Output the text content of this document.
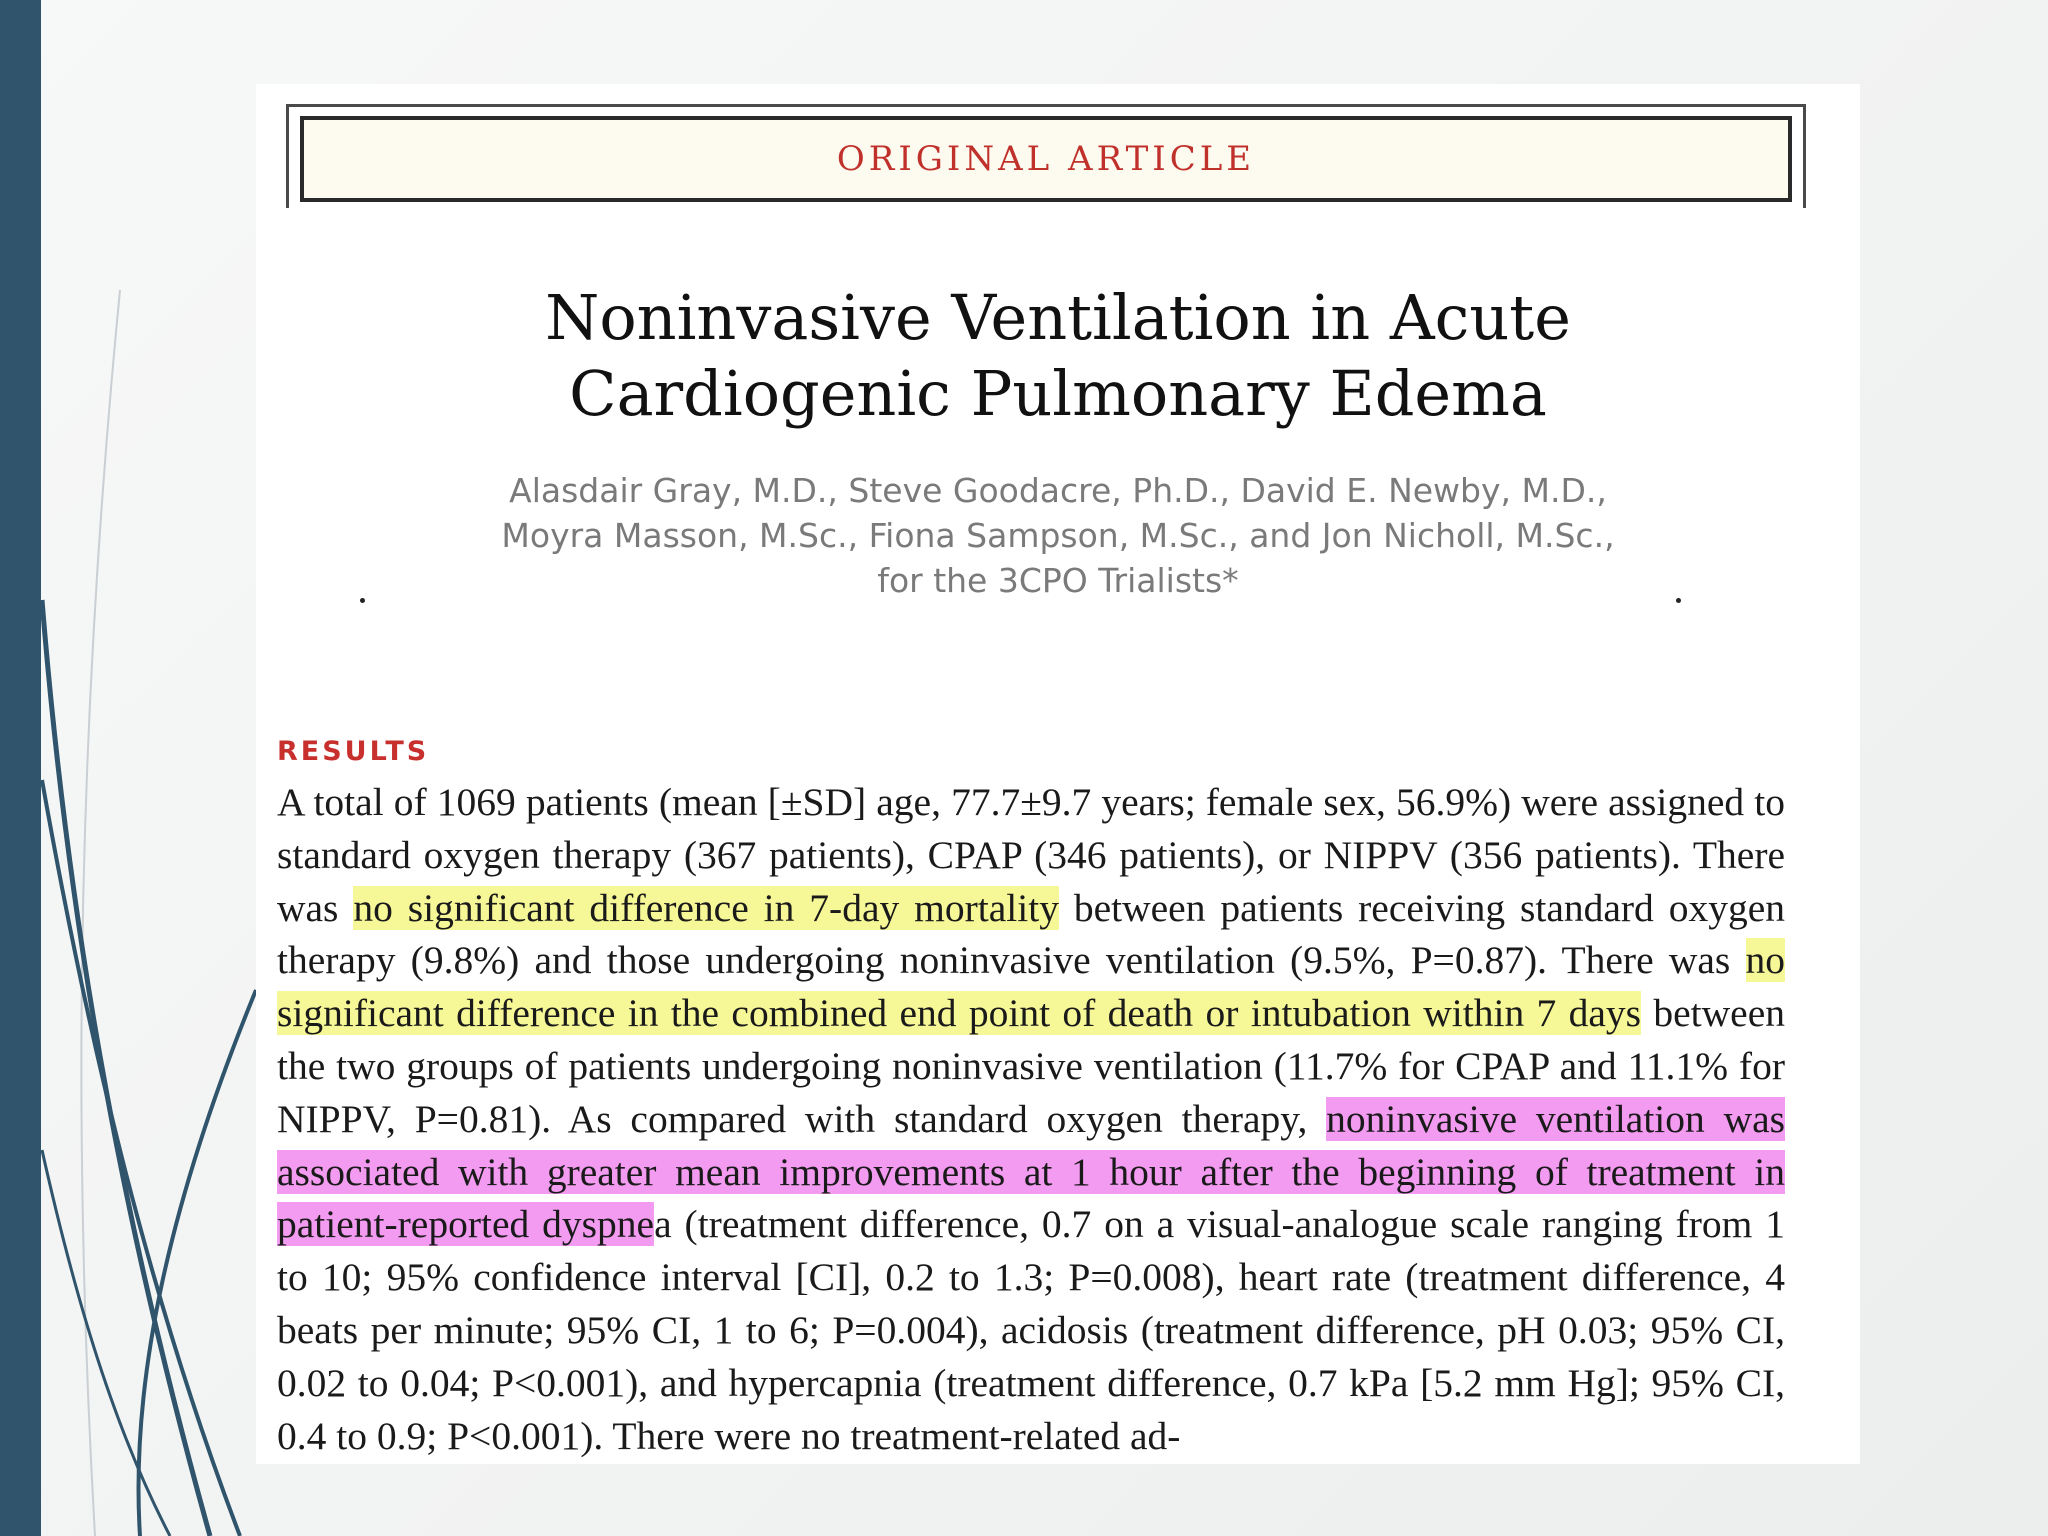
ORIGINAL ARTICLE
Noninvasive Ventilation in Acute
Cardiogenic Pulmonary Edema
Alasdair Gray, M.D., Steve Goodacre, Ph.D., David E. Newby, M.D.,
Moyra Masson, M.Sc., Fiona Sampson, M.Sc., and Jon Nicholl, M.Sc.,
for the 3CPO Trialists*
RESULTS
A total of 1069 patients (mean [±SD] age, 77.7±9.7 years; female sex, 56.9%) were assigned to standard oxygen therapy (367 patients), CPAP (346 patients), or NIPPV (356 patients). There was no significant difference in 7-day mortality between patients receiving standard oxygen therapy (9.8%) and those undergoing noninvasive ventilation (9.5%, P=0.87). There was no significant difference in the combined end point of death or intubation within 7 days between the two groups of patients undergoing noninvasive ventilation (11.7% for CPAP and 11.1% for NIPPV, P=0.81). As compared with standard oxygen therapy, noninvasive ventilation was associated with greater mean improvements at 1 hour after the beginning of treatment in patient-reported dyspnea (treatment difference, 0.7 on a visual-analogue scale ranging from 1 to 10; 95% confidence interval [CI], 0.2 to 1.3; P=0.008), heart rate (treatment difference, 4 beats per minute; 95% CI, 1 to 6; P=0.004), acidosis (treatment difference, pH 0.03; 95% CI, 0.02 to 0.04; P<0.001), and hypercapnia (treatment difference, 0.7 kPa [5.2 mm Hg]; 95% CI, 0.4 to 0.9; P<0.001). There were no treatment-related ad-
